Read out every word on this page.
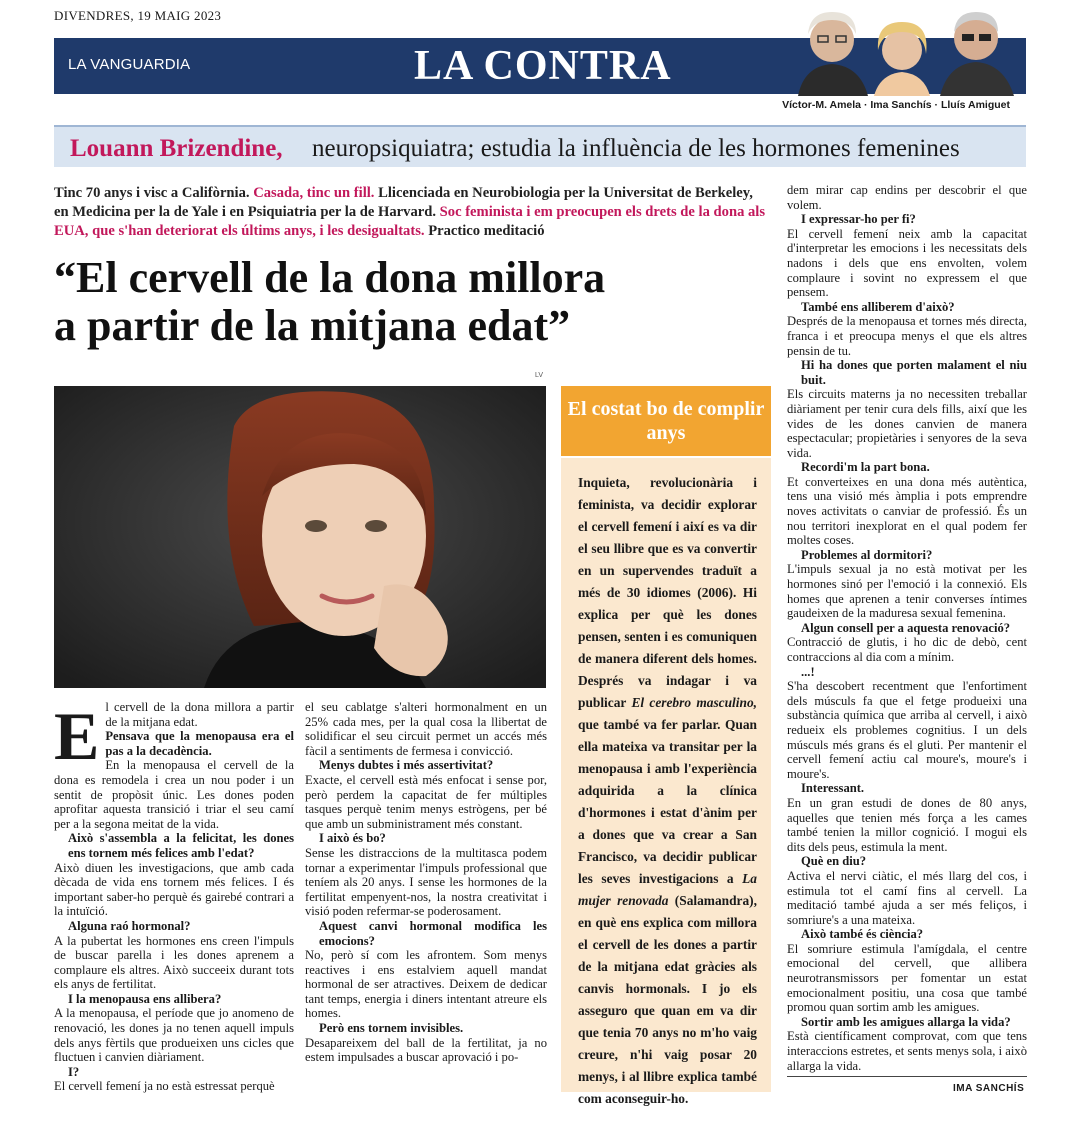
DIVENDRES, 19 MAIG 2023
LA VANGUARDIA	LA CONTRA
Víctor-M. Amela · Ima Sanchís · Lluís Amiguet
Louann Brizendine, neuropsiquiatra; estudia la influència de les hormones femenines
Tinc 70 anys i visc a Califòrnia. Casada, tinc un fill. Llicenciada en Neurobiologia per la Universitat de Berkeley, en Medicina per la de Yale i en Psiquiatria per la de Harvard. Soc feminista i em preocupen els drets de la dona als EUA, que s'han deteriorat els últims anys, i les desigualtats. Practico meditació
“El cervell de la dona millora
a partir de la mitjana edat”
LV
El costat bo de complir anys
Inquieta, revolucionària i feminista, va decidir explorar el cervell femení i així es va dir el seu llibre que es va convertir en un supervendes traduït a més de 30 idiomes (2006). Hi explica per què les dones pensen, senten i es comuniquen de manera diferent dels homes. Després va indagar i va publicar El cerebro masculino, que també va fer parlar. Quan ella mateixa va transitar per la menopausa i amb l'experiència adquirida a la clínica d'hormones i estat d'ànim per a dones que va crear a San Francisco, va decidir publicar les seves investigacions a La mujer renovada (Salamandra), en què ens explica com millora el cervell de les dones a partir de la mitjana edat gràcies als canvis hormonals. I jo els asseguro que quan em va dir que tenia 70 anys no m'ho vaig creure, n'hi vaig posar 20 menys, i al llibre explica també com aconseguir-ho.
E l cervell de la dona millora a partir de la mitjana edat.

Pensava que la menopausa era el pas a la decadència.

En la menopausa el cervell de la dona es remodela i crea un nou poder i un sentit de propòsit únic. Les dones poden aprofitar aquesta transició i triar el seu camí per a la segona meitat de la vida.

Això s'assembla a la felicitat, les dones ens tornem més felices amb l'edat?

Això diuen les investigacions, que amb cada dècada de vida ens tornem més felices. I és important saber-ho perquè és gairebé contrari a la intuïció.

Alguna raó hormonal?

A la pubertat les hormones ens creen l'impuls de buscar parella i les dones aprenem a complaure els altres. Això succeeix durant tots els anys de fertilitat.

I la menopausa ens allibera?

A la menopausa, el període que jo anomeno de renovació, les dones ja no tenen aquell impuls dels anys fèrtils que produeixen uns cicles que fluctuen i canvien diàriament.

I?

El cervell femení ja no està estressat perquè

el seu cablatge s'alteri hormonalment en un 25% cada mes, per la qual cosa la llibertat de solidificar el seu circuit permet un accés més fàcil a sentiments de fermesa i convicció.

Menys dubtes i més assertivitat?

Exacte, el cervell està més enfocat i sense por, però perdem la capacitat de fer múltiples tasques perquè tenim menys estrògens, per bé que amb un subministrament més constant.

I això és bo?

Sense les distraccions de la multitasca podem tornar a experimentar l'impuls professional que teníem als 20 anys. I sense les hormones de la fertilitat empenyent-nos, la nostra creativitat i visió poden refermar-se poderosament.

Aquest canvi hormonal modifica les emocions?

No, però sí com les afrontem. Som menys reactives i ens estalviem aquell mandat hormonal de ser atractives. Deixem de dedicar tant temps, energia i diners intentant atreure els homes.

Però ens tornem invisibles.

Desapareixem del ball de la fertilitat, ja no estem impulsades a buscar aprovació i po-

dem mirar cap endins per descobrir el que volem.

I expressar-ho per fi?

El cervell femení neix amb la capacitat d'interpretar les emocions i les necessitats dels nadons i dels que ens envolten, volem complaure i sovint no expressem el que pensem.

També ens alliberem d'això?

Després de la menopausa et tornes més directa, franca i et preocupa menys el que els altres pensin de tu.

Hi ha dones que porten malament el niu buit.

Els circuits materns ja no necessiten treballar diàriament per tenir cura dels fills, així que les vides de les dones canvien de manera espectacular; propietàries i senyores de la seva vida.

Recordi'm la part bona.

Et converteixes en una dona més autèntica, tens una visió més àmplia i pots emprendre noves activitats o canviar de professió. És un nou territori inexplorat en el qual podem fer moltes coses.

Problemes al dormitori?

L'impuls sexual ja no està motivat per les hormones sinó per l'emoció i la connexió. Els homes que aprenen a tenir converses íntimes gaudeixen de la maduresa sexual femenina.

Algun consell per a aquesta renovació?

Contracció de glutis, i ho dic de debò, cent contraccions al dia com a mínim.

...!

S'ha descobert recentment que l'enfortiment dels músculs fa que el fetge produeixi una substància química que arriba al cervell, i això redueix els problemes cognitius. I un dels músculs més grans és el gluti. Per mantenir el cervell femení actiu cal moure's, moure's i moure's.

Interessant.

En un gran estudi de dones de 80 anys, aquelles que tenien més força a les cames també tenien la millor cognició. I mogui els dits dels peus, estimula la ment.

Què en diu?

Activa el nervi ciàtic, el més llarg del cos, i estimula tot el camí fins al cervell. La meditació també ajuda a ser més feliços, i somriure's a una mateixa.

Això també és ciència?

El somriure estimula l'amígdala, el centre emocional del cervell, que allibera neurotransmissors per fomentar un estat emocionalment positiu, una cosa que també promou quan sortim amb les amigues.

Sortir amb les amigues allarga la vida?

Està científicament comprovat, com que tens interaccions estretes, et sents menys sola, i això allarga la vida.

IMA SANCHÍS
